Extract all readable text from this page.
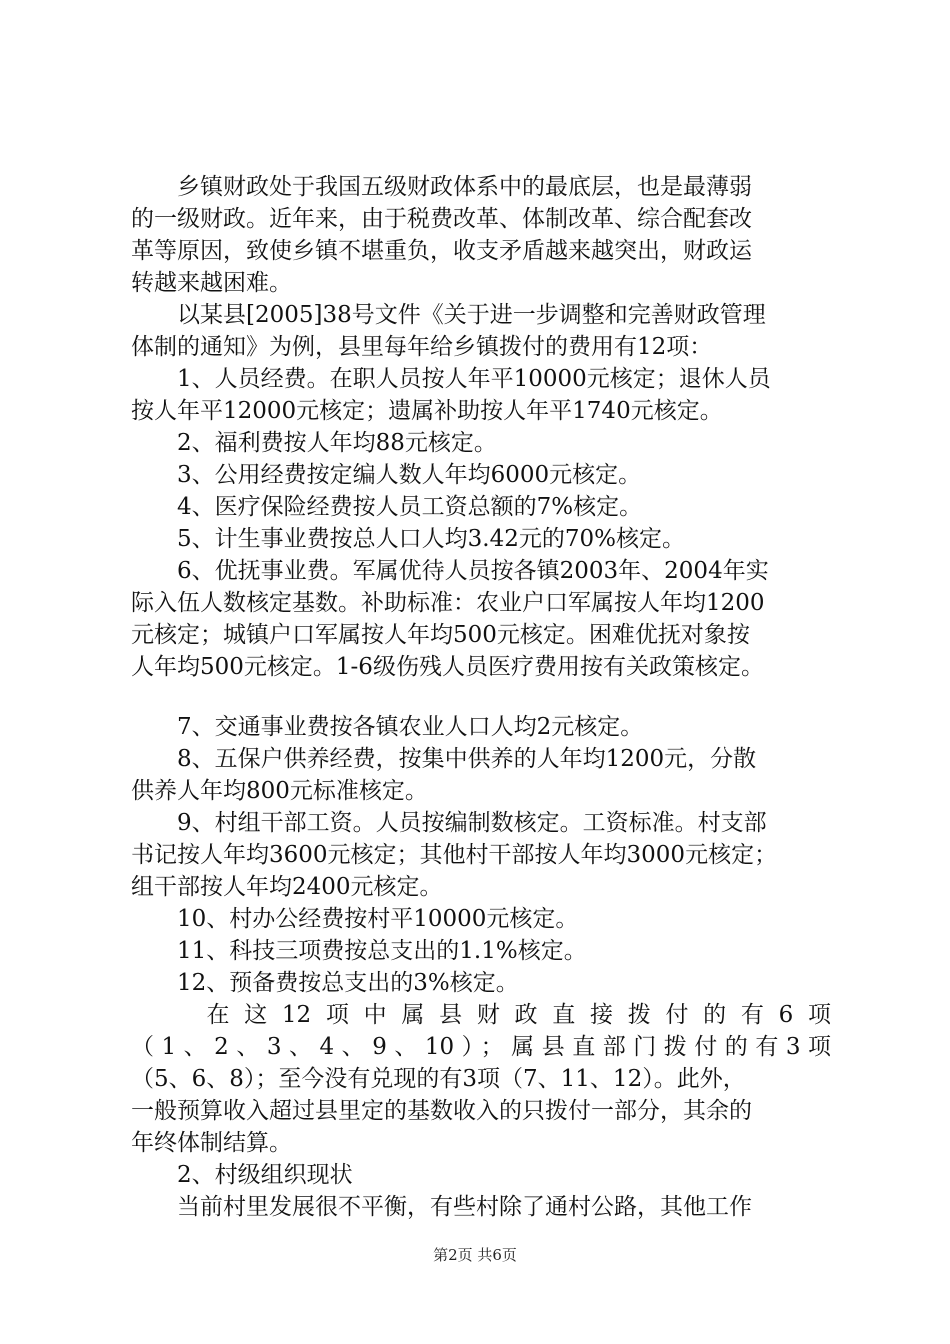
　　乡镇财政处于我国五级财政体系中的最底层，也是最薄弱
的一级财政。近年来，由于税费改革、体制改革、综合配套改
革等原因，致使乡镇不堪重负，收支矛盾越来越突出，财政运
转越来越困难。
　　以某县[2005]38号文件《关于进一步调整和完善财政管理
体制的通知》为例，县里每年给乡镇拨付的费用有12项：
　　1、人员经费。在职人员按人年平10000元核定；退休人员
按人年平12000元核定；遗属补助按人年平1740元核定。
　　2、福利费按人年均88元核定。
　　3、公用经费按定编人数人年均6000元核定。
　　4、医疗保险经费按人员工资总额的7%核定。
　　5、计生事业费按总人口人均3.42元的70%核定。
　　6、优抚事业费。军属优待人员按各镇2003年、2004年实
际入伍人数核定基数。补助标准：农业户口军属按人年均1200
元核定；城镇户口军属按人年均500元核定。困难优抚对象按
人年均500元核定。1-6级伤残人员医疗费用按有关政策核定。
　　7、交通事业费按各镇农业人口人均2元核定。
　　8、五保户供养经费，按集中供养的人年均1200元，分散
供养人年均800元标准核定。
　　9、村组干部工资。人员按编制数核定。工资标准。村支部
书记按人年均3600元核定；其他村干部按人年均3000元核定；
组干部按人年均2400元核定。
　　10、村办公经费按村平10000元核定。
　　11、科技三项费按总支出的1.1%核定。
　　12、预备费按总支出的3%核定。
　　在这12项中属县财政直接拨付的有6项
（1、2、3、4、9、10）；属县直部门拨付的有3项
（5、6、8）；至今没有兑现的有3项（7、11、12）。此外，
一般预算收入超过县里定的基数收入的只拨付一部分，其余的
年终体制结算。
　　2、村级组织现状
　　当前村里发展很不平衡，有些村除了通村公路，其他工作
第2页 共6页
